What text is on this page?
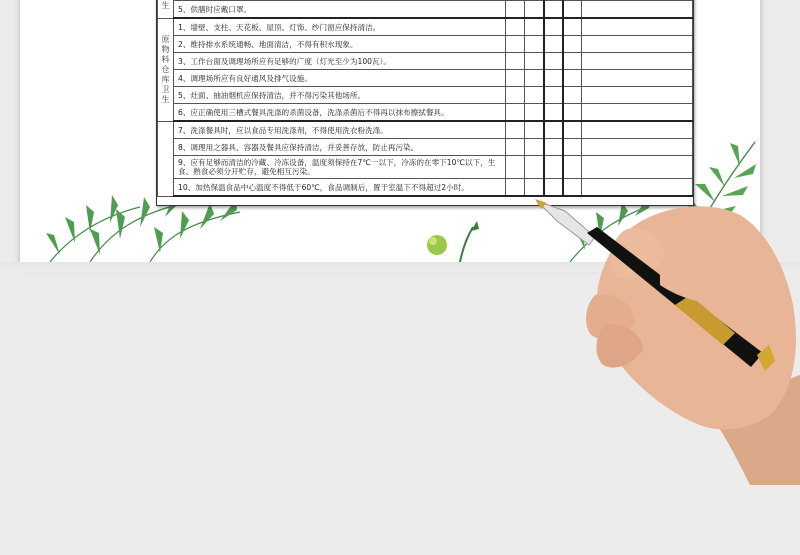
生						
	5、供膳时应戴口罩。					
原物料仓库卫生	1、墙壁、支柱、天花板、屋顶、灯饰、纱门窗应保持清洁。					
	2、维持排水系统通畅、地面清洁，不得有积水现象。					
	3、工作台面及调理场所应有足够的广度（灯光至少为100瓦）。					
	4、调理场所应有良好通风及排气设施。					
	5、灶面、抽油烟机应保持清洁，并不得污染其他场所。					
	6、应正确使用三槽式餐具洗涤的杀菌设备，洗涤杀菌后不得再以抹布擦拭餐具。					
	7、洗涤餐具时，应以食品专用洗涤剂，不得使用洗衣粉洗涤。					
	8、调理用之器具、容器及餐具应保持清洁，并妥善存放，防止再污染。					
	9、应有足够而清洁的冷藏、冷冻设备，温度须保持在7℃一以下，冷冻的在零下10℃以下，生食、熟食必须分开贮存，避免相互污染。					
	10、加热保温食品中心温度不得低于60℃，食品调制后，置于室温下不得超过2小时。					
